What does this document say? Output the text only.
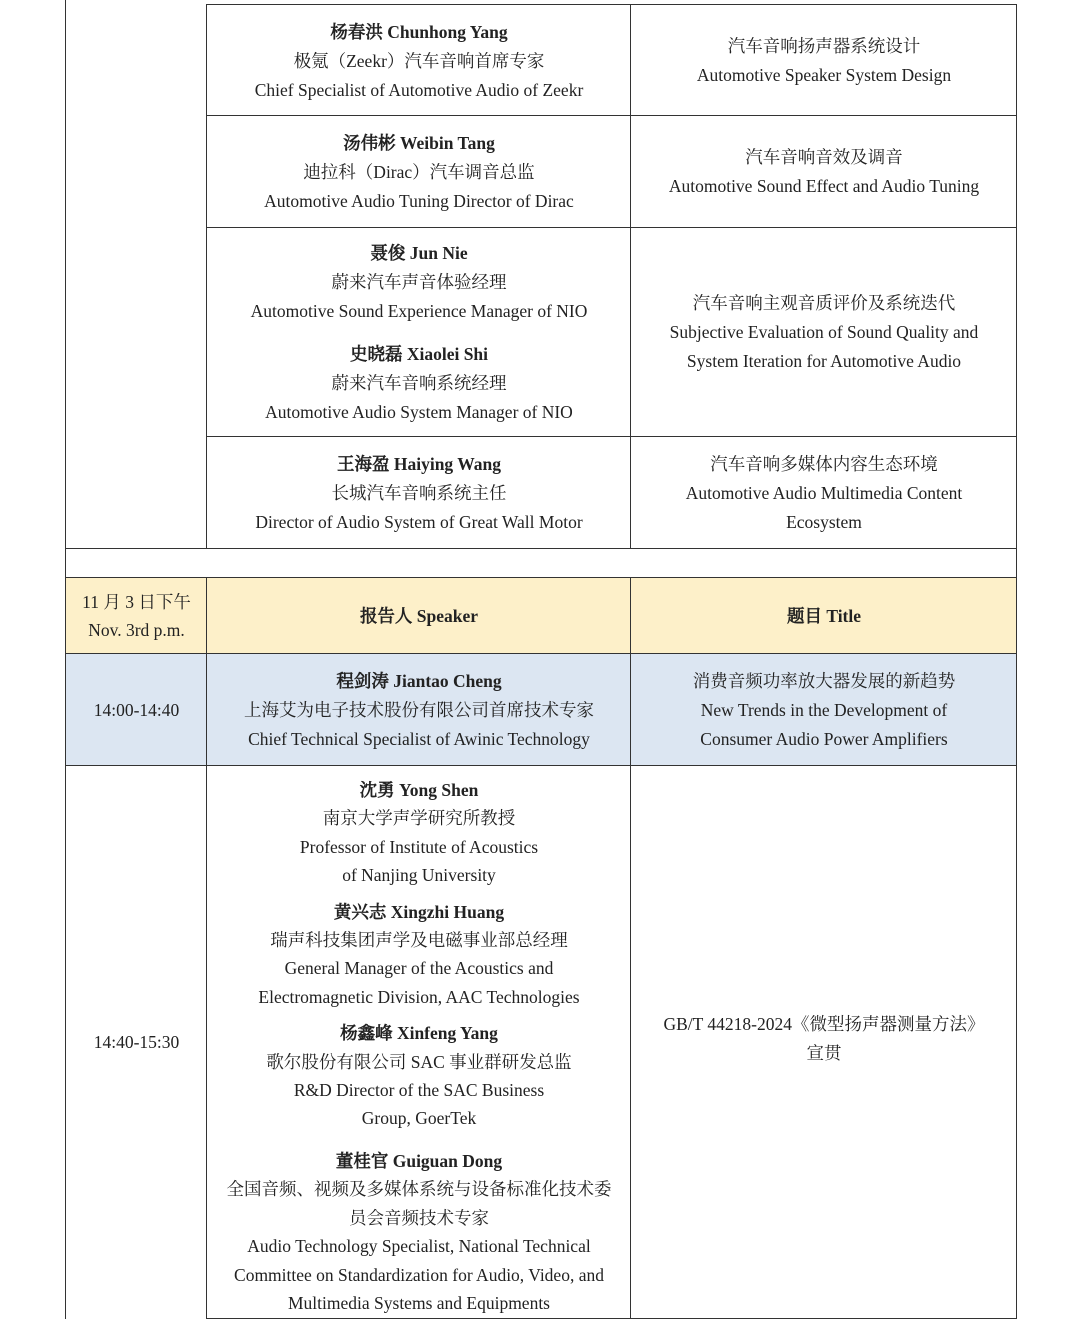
杨春洪 Chunhong Yang
极氪（Zeekr）汽车音响首席专家
Chief Specialist of Automotive Audio of Zeekr
汽车音响扬声器系统设计
Automotive Speaker System Design
汤伟彬 Weibin Tang
迪拉科（Dirac）汽车调音总监
Automotive Audio Tuning Director of Dirac
汽车音响音效及调音
Automotive Sound Effect and Audio Tuning
聂俊 Jun Nie
蔚来汽车声音体验经理
Automotive Sound Experience Manager of NIO
史晓磊 Xiaolei Shi
蔚来汽车音响系统经理
Automotive Audio System Manager of NIO
汽车音响主观音质评价及系统迭代
Subjective Evaluation of Sound Quality and
System Iteration for Automotive Audio
王海盈 Haiying Wang
长城汽车音响系统主任
Director of Audio System of Great Wall Motor
汽车音响多媒体内容生态环境
Automotive Audio Multimedia Content
Ecosystem
11 月 3 日下午
Nov. 3rd p.m.
报告人 Speaker	题目 Title
14:00-14:40
程剑涛 Jiantao Cheng
上海艾为电子技术股份有限公司首席技术专家
Chief Technical Specialist of Awinic Technology
消费音频功率放大器发展的新趋势
New Trends in the Development of
Consumer Audio Power Amplifiers
14:40-15:30
沈勇 Yong Shen
南京大学声学研究所教授
Professor of Institute of Acoustics
of Nanjing University
黄兴志 Xingzhi Huang
瑞声科技集团声学及电磁事业部总经理
General Manager of the Acoustics and
Electromagnetic Division, AAC Technologies
杨鑫峰 Xinfeng Yang
歌尔股份有限公司 SAC 事业群研发总监
R&D Director of the SAC Business
Group, GoerTek
董桂官 Guiguan Dong
全国音频、视频及多媒体系统与设备标准化技术委
员会音频技术专家
Audio Technology Specialist, National Technical
Committee on Standardization for Audio, Video, and
Multimedia Systems and Equipments
GB/T 44218-2024《微型扬声器测量方法》
宣贯
